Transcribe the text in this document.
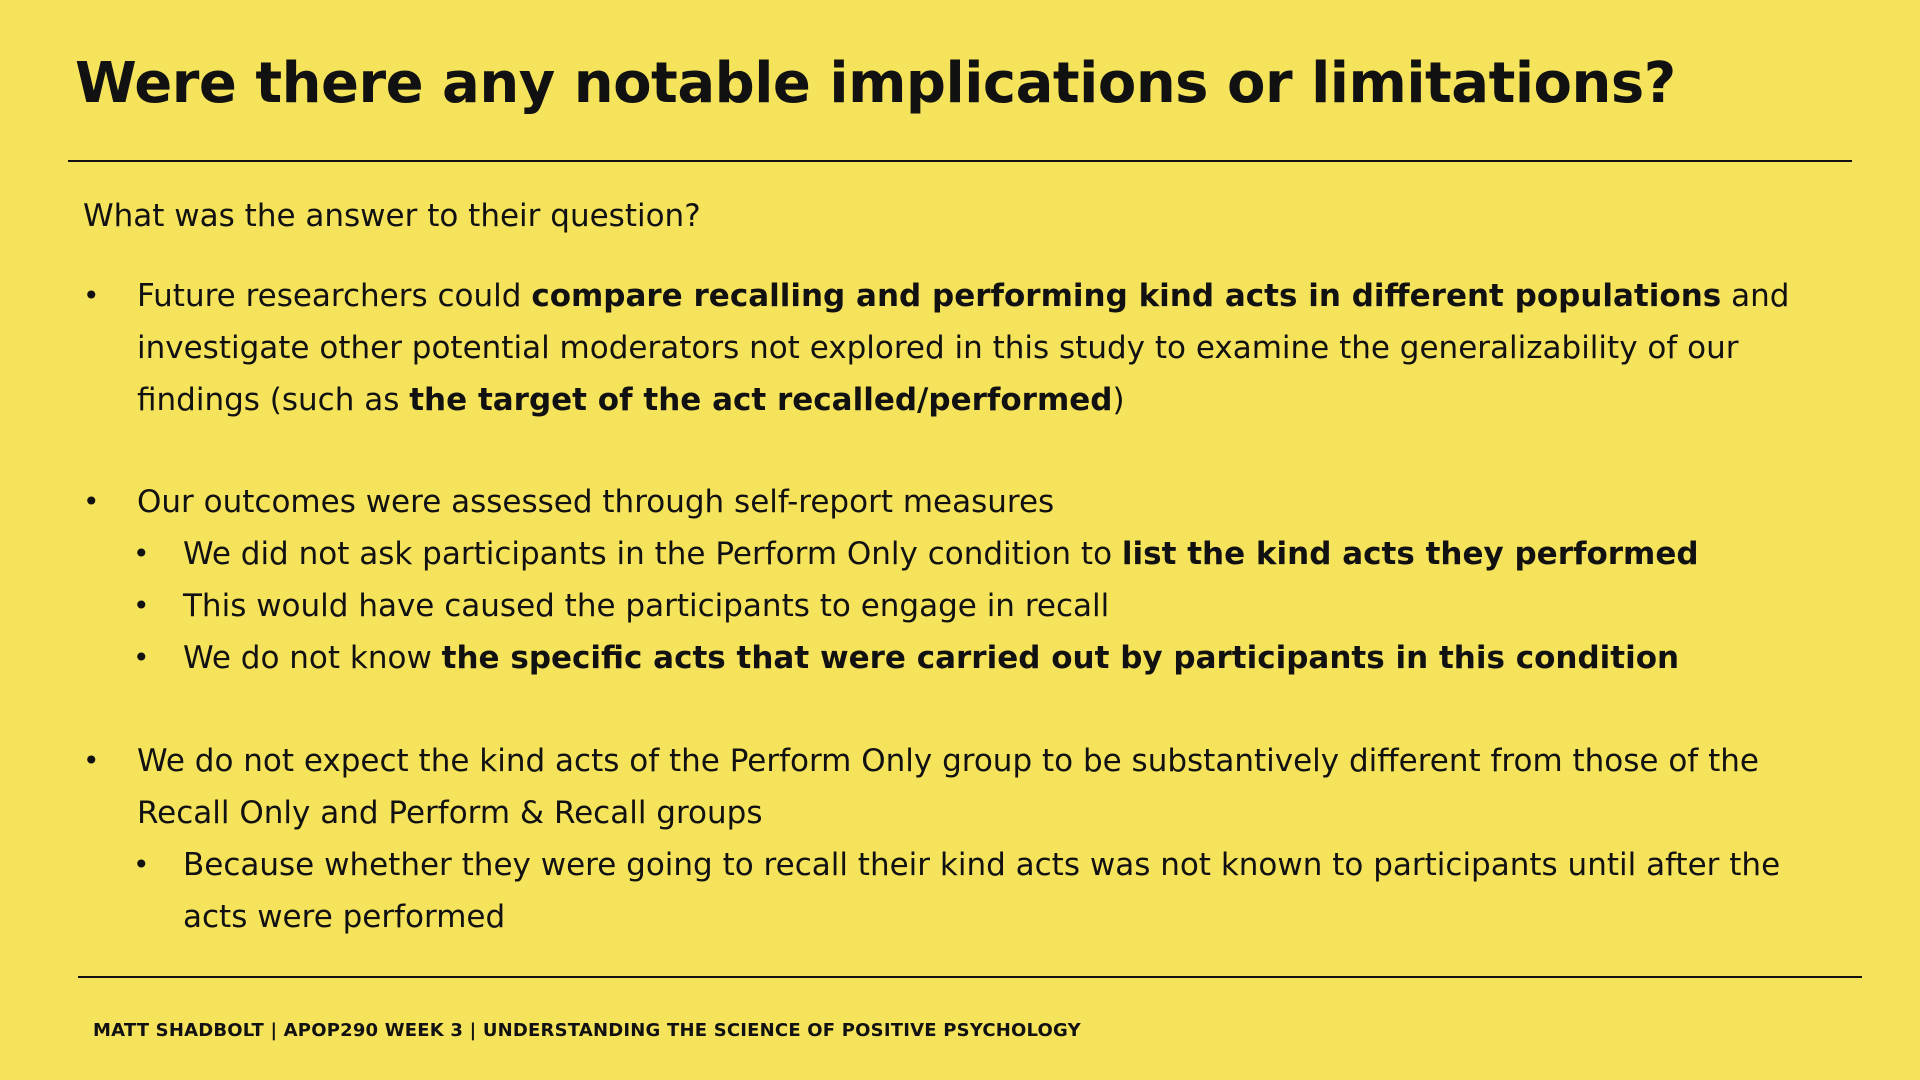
Were there any notable implications or limitations?
What was the answer to their question?
• Future researchers could compare recalling and performing kind acts in different populations and investigate other potential moderators not explored in this study to examine the generalizability of our findings (such as the target of the act recalled/performed)
• Our outcomes were assessed through self-report measures
• We did not ask participants in the Perform Only condition to list the kind acts they performed
• This would have caused the participants to engage in recall
• We do not know the specific acts that were carried out by participants in this condition
• We do not expect the kind acts of the Perform Only group to be substantively different from those of the Recall Only and Perform & Recall groups
• Because whether they were going to recall their kind acts was not known to participants until after the acts were performed
MATT SHADBOLT | APOP290 WEEK 3 | UNDERSTANDING THE SCIENCE OF POSITIVE PSYCHOLOGY
